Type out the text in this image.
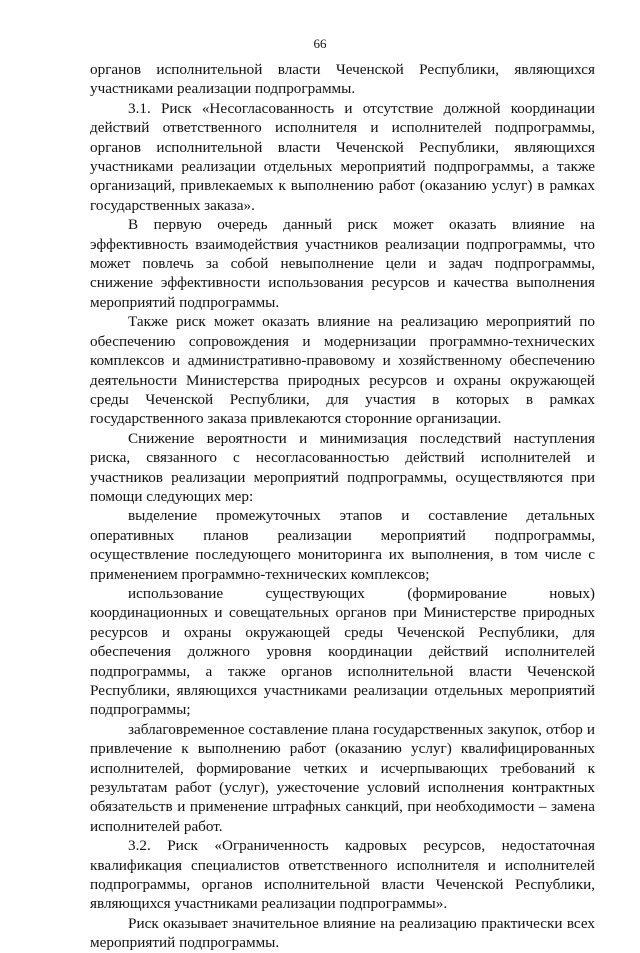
66

органов исполнительной власти Чеченской Республики, являющихся участниками реализации подпрограммы.

3.1. Риск «Несогласованность и отсутствие должной координации действий ответственного исполнителя и исполнителей подпрограммы, органов исполнительной власти Чеченской Республики, являющихся участниками реализации отдельных мероприятий подпрограммы, а также организаций, привлекаемых к выполнению работ (оказанию услуг) в рамках государственных заказа».

В первую очередь данный риск может оказать влияние на эффективность взаимодействия участников реализации подпрограммы, что может повлечь за собой невыполнение цели и задач подпрограммы, снижение эффективности использования ресурсов и качества выполнения мероприятий подпрограммы.

Также риск может оказать влияние на реализацию мероприятий по обеспечению сопровождения и модернизации программно-технических комплексов и административно-правовому и хозяйственному обеспечению деятельности Министерства природных ресурсов и охраны окружающей среды Чеченской Республики, для участия в которых в рамках государственного заказа привлекаются сторонние организации.

Снижение вероятности и минимизация последствий наступления риска, связанного с несогласованностью действий исполнителей и участников реализации мероприятий подпрограммы, осуществляются при помощи следующих мер:

выделение промежуточных этапов и составление детальных оперативных планов реализации мероприятий подпрограммы, осуществление последующего мониторинга их выполнения, в том числе с применением программно-технических комплексов;

использование существующих (формирование новых) координационных и совещательных органов при Министерстве природных ресурсов и охраны окружающей среды Чеченской Республики, для обеспечения должного уровня координации действий исполнителей подпрограммы, а также органов исполнительной власти Чеченской Республики, являющихся участниками реализации отдельных мероприятий подпрограммы;

заблаговременное составление плана государственных закупок, отбор и привлечение к выполнению работ (оказанию услуг) квалифицированных исполнителей, формирование четких и исчерпывающих требований к результатам работ (услуг), ужесточение условий исполнения контрактных обязательств и применение штрафных санкций, при необходимости – замена исполнителей работ.

3.2. Риск «Ограниченность кадровых ресурсов, недостаточная квалификация специалистов ответственного исполнителя и исполнителей подпрограммы, органов исполнительной власти Чеченской Республики, являющихся участниками реализации подпрограммы».

Риск оказывает значительное влияние на реализацию практически всех мероприятий подпрограммы.
